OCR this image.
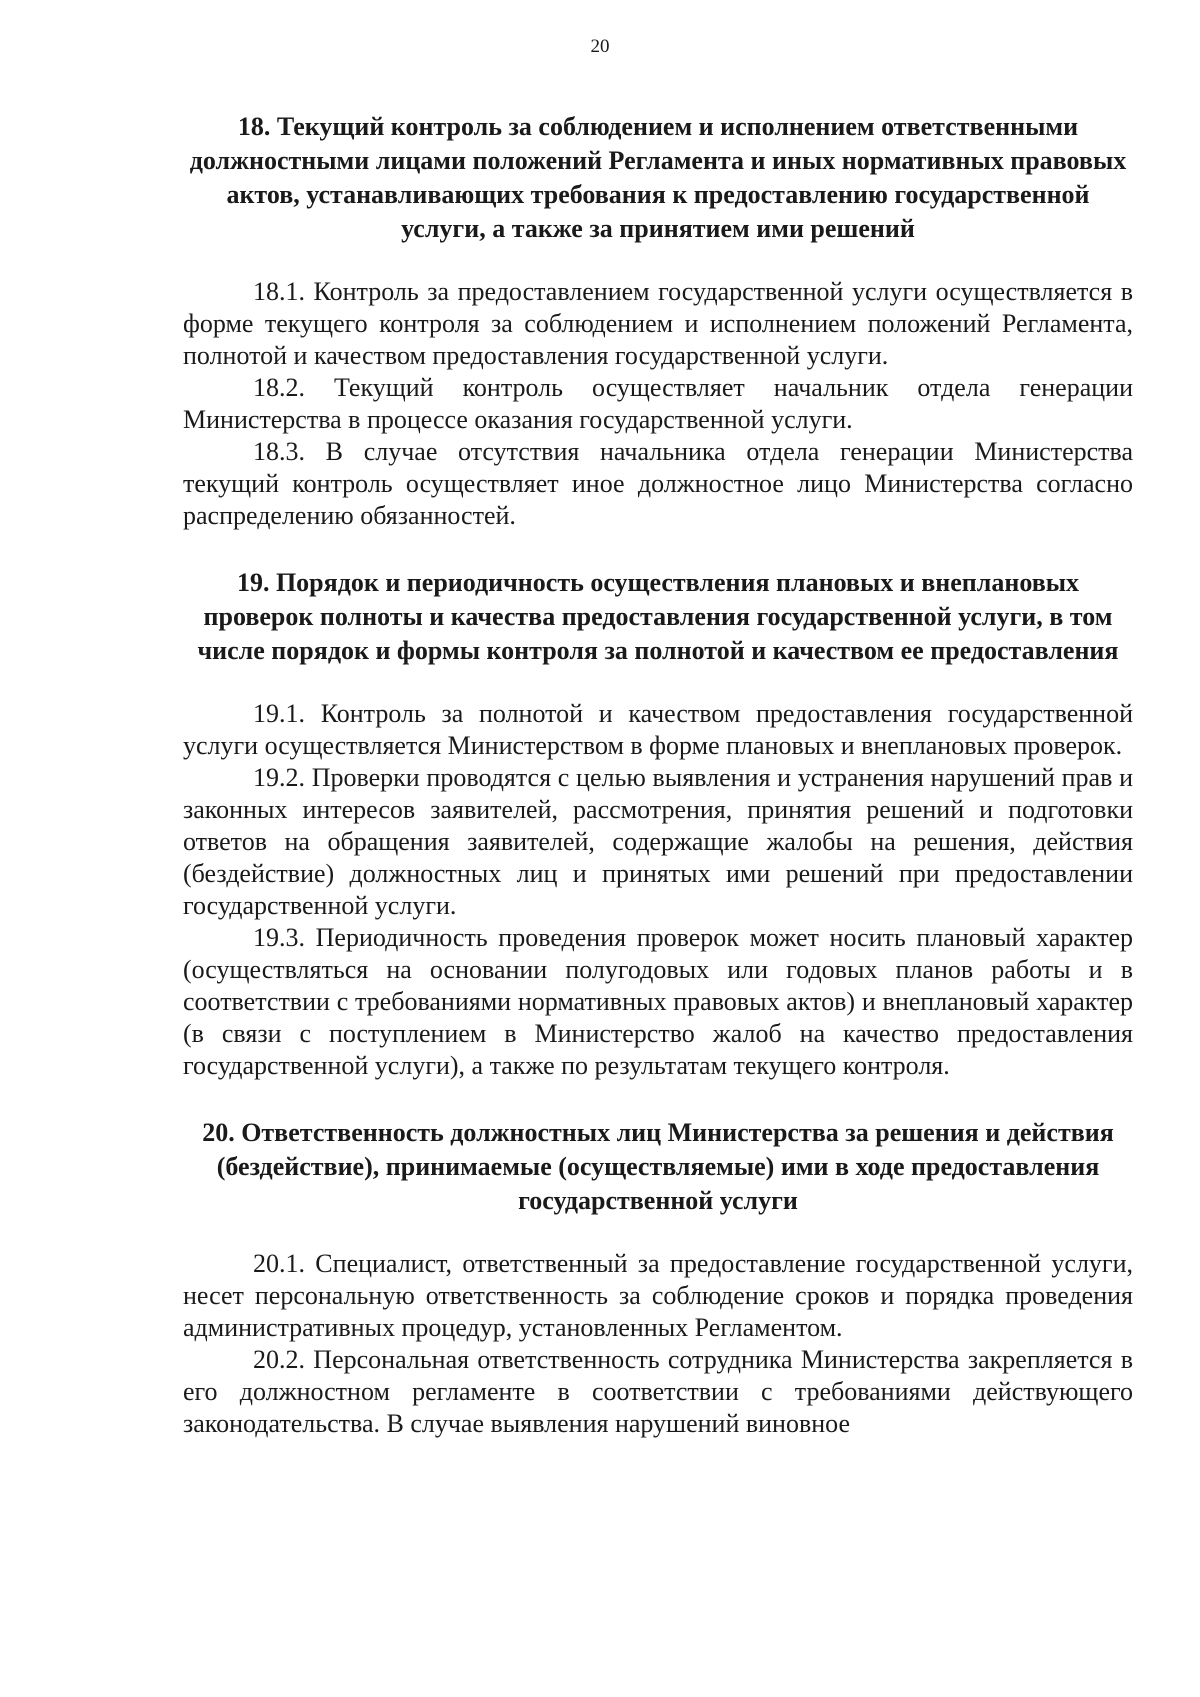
20
18. Текущий контроль за соблюдением и исполнением ответственными должностными лицами положений Регламента и иных нормативных правовых актов, устанавливающих требования к предоставлению государственной услуги, а также за принятием ими решений

18.1. Контроль за предоставлением государственной услуги осуществляется в форме текущего контроля за соблюдением и исполнением положений Регламента, полнотой и качеством предоставления государственной услуги.

18.2. Текущий контроль осуществляет начальник отдела генерации Министерства в процессе оказания государственной услуги.

18.3. В случае отсутствия начальника отдела генерации Министерства текущий контроль осуществляет иное должностное лицо Министерства согласно распределению обязанностей.

19. Порядок и периодичность осуществления плановых и внеплановых проверок полноты и качества предоставления государственной услуги, в том числе порядок и формы контроля за полнотой и качеством ее предоставления

19.1. Контроль за полнотой и качеством предоставления государственной услуги осуществляется Министерством в форме плановых и внеплановых проверок.

19.2. Проверки проводятся с целью выявления и устранения нарушений прав и законных интересов заявителей, рассмотрения, принятия решений и подготовки ответов на обращения заявителей, содержащие жалобы на решения, действия (бездействие) должностных лиц и принятых ими решений при предоставлении государственной услуги.

19.3. Периодичность проведения проверок может носить плановый характер (осуществляться на основании полугодовых или годовых планов работы и в соответствии с требованиями нормативных правовых актов) и внеплановый характер (в связи с поступлением в Министерство жалоб на качество предоставления государственной услуги), а также по результатам текущего контроля.

20. Ответственность должностных лиц Министерства за решения и действия (бездействие), принимаемые (осуществляемые) ими в ходе предоставления государственной услуги

20.1. Специалист, ответственный за предоставление государственной услуги, несет персональную ответственность за соблюдение сроков и порядка проведения административных процедур, установленных Регламентом.

20.2. Персональная ответственность сотрудника Министерства закрепляется в его должностном регламенте в соответствии с требованиями действующего законодательства. В случае выявления нарушений виновное
